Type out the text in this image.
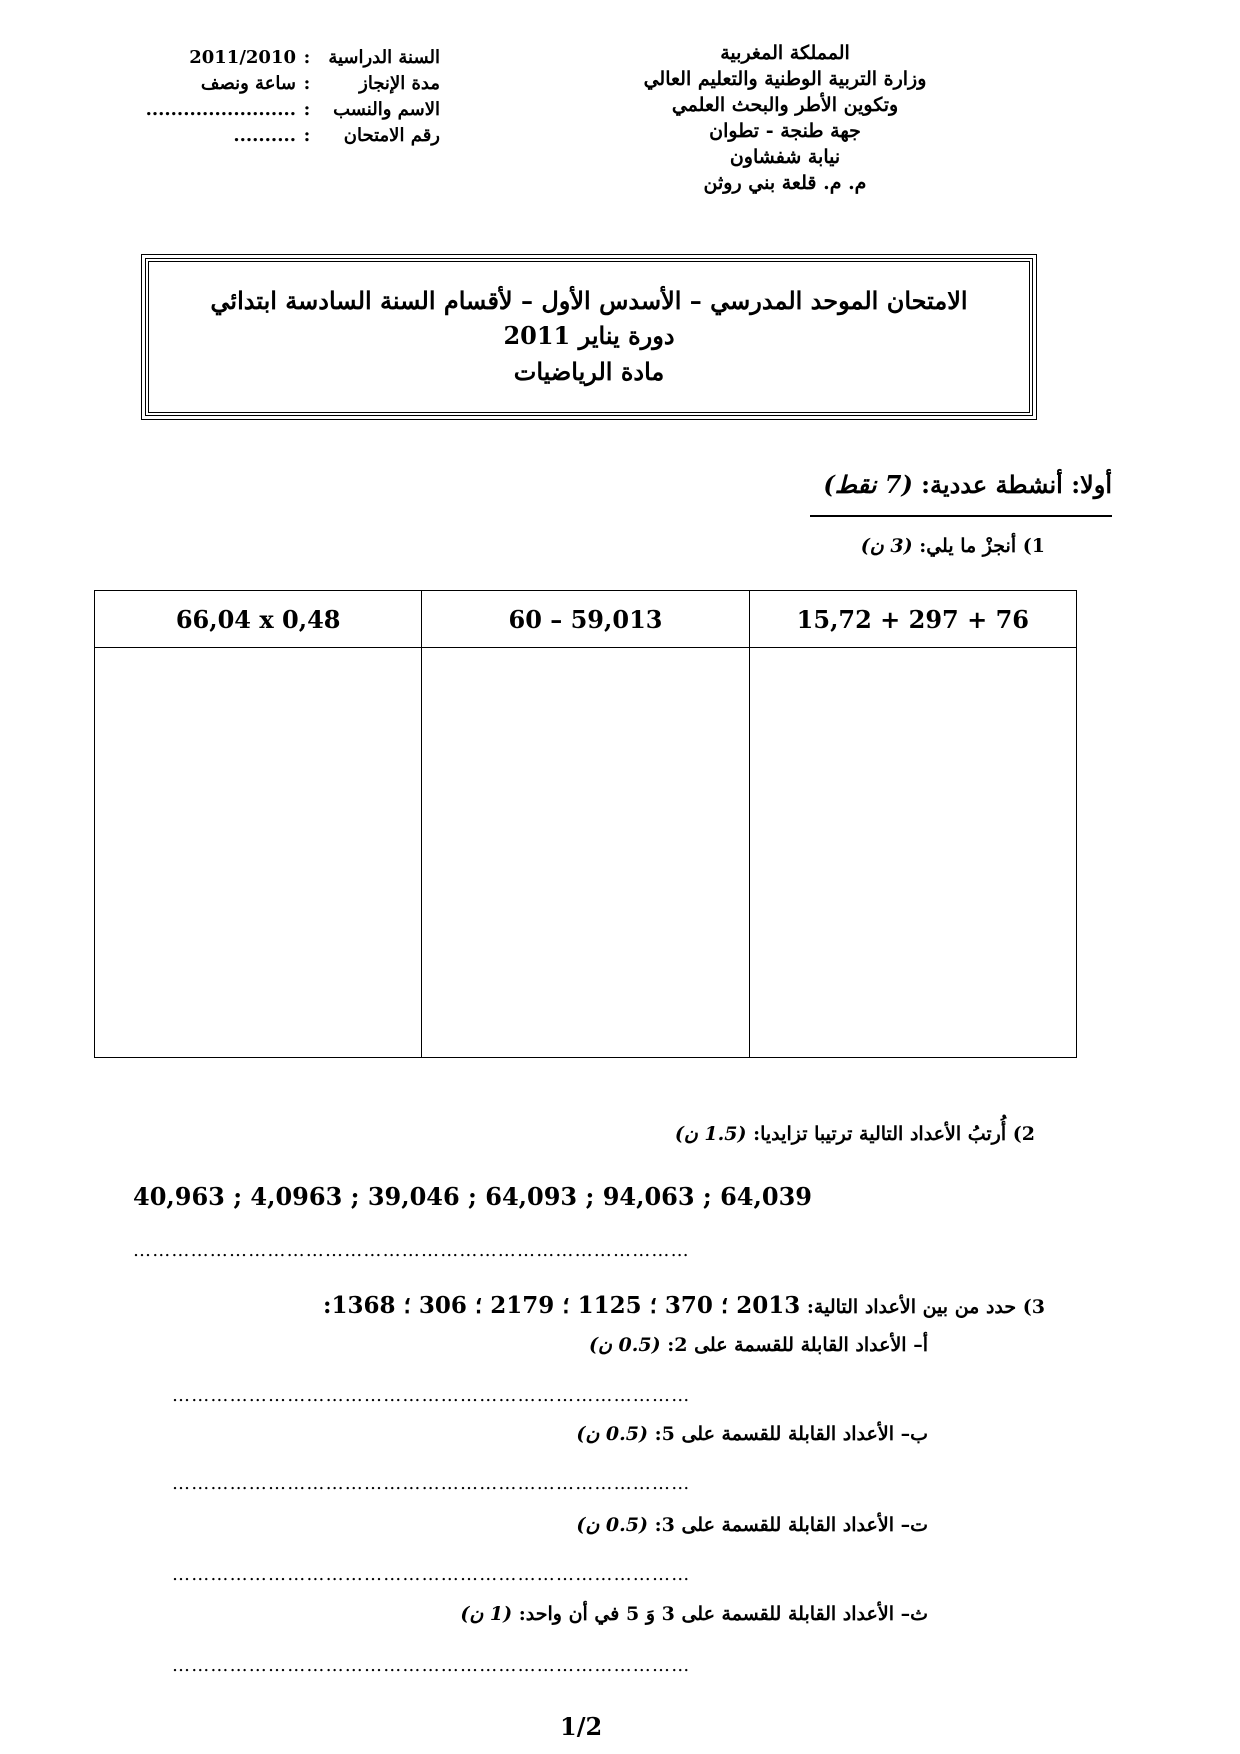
المملكة المغربية
وزارة التربية الوطنية والتعليم العالي
وتكوين الأطر والبحث العلمي
جهة طنجة - تطوان
نيابة شفشاون
م. م. قلعة بني روثن
السنة الدراسية
:
2011/2010
مدة الإنجاز
:
ساعة ونصف
الاسم والنسب
:
........................
رقم الامتحان
:
..........
الامتحان الموحد المدرسي – الأسدس الأول – لأقسام السنة السادسة ابتدائي
دورة يناير 2011
مادة الرياضيات
أولا: أنشطة عددية: (7 نقط)
1) أنجزْ ما يلي: (3 ن)
66,04 x 0,48	60 – 59,013	15,72 + 297 + 76

2) أُرتبُ الأعداد التالية ترتيبا تزايديا: (1.5 ن)
40,963 ; 4,0963 ; 39,046 ; 64,093 ; 94,063 ; 64,039
……………………………………………………………………………
3) حدد من بين الأعداد التالية: 2013 ؛ 370 ؛ 1125 ؛ 2179 ؛ 306 ؛ 1368:
أ– الأعداد القابلة للقسمة على 2: (0.5 ن)
………………………………………………………………………
ب– الأعداد القابلة للقسمة على 5: (0.5 ن)
………………………………………………………………………
ت– الأعداد القابلة للقسمة على 3: (0.5 ن)
………………………………………………………………………
ث– الأعداد القابلة للقسمة على 3 وَ 5 في أن واحد: (1 ن)
………………………………………………………………………
1/2
